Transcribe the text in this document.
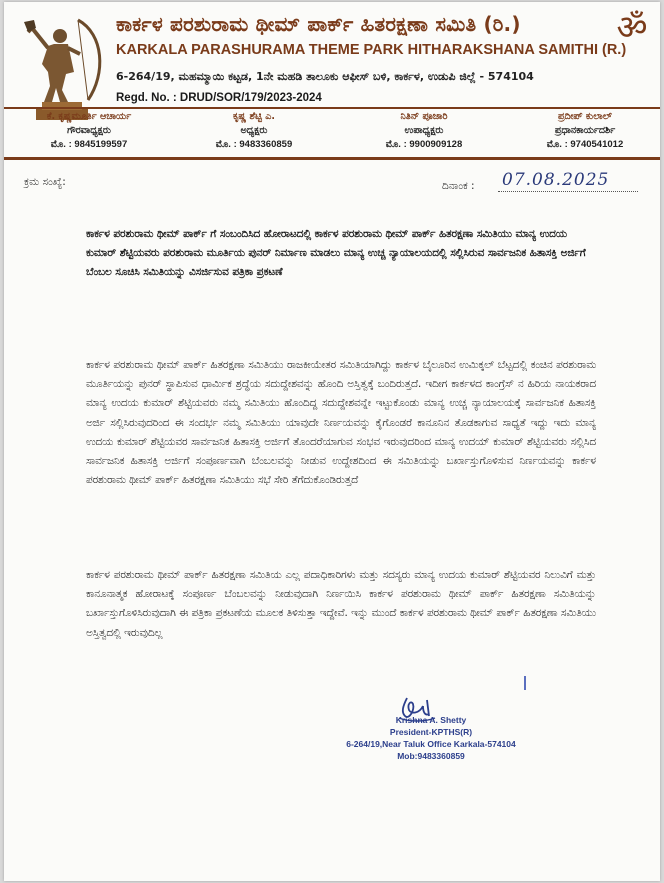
ॐ
ಕಾರ್ಕಳ ಪರಶುರಾಮ ಥೀಮ್ ಪಾರ್ಕ್ ಹಿತರಕ್ಷಣಾ ಸಮಿತಿ (ರಿ.)
KARKALA PARASHURAMA THEME PARK HITHARAKSHANA SAMITHI (R.)
6-264/19, ಮಹಮ್ಮಾಯಿ ಕಟ್ಟಡ, 1ನೇ ಮಹಡಿ ತಾಲೂಕು ಆಫೀಸ್ ಬಳಿ, ಕಾರ್ಕಳ, ಉಡುಪಿ ಜಿಲ್ಲೆ - 574104
Regd. No. : DRUD/SOR/179/2023-2024
ಕೆ. ಕೃಷ್ಣಮೂರ್ತಿ ಆಚಾರ್ಯ
ಗೌರವಾಧ್ಯಕ್ಷರು
ಮೊ. : 9845199597
ಕೃಷ್ಣ ಶೆಟ್ಟಿ ಎ.
ಅಧ್ಯಕ್ಷರು
ಮೊ. : 9483360859
ನಿತಿನ್ ಪೂಜಾರಿ
ಉಪಾಧ್ಯಕ್ಷರು
ಮೊ. : 9900909128
ಪ್ರದೀಪ್ ಕುಲಾಲ್
ಪ್ರಧಾನಕಾರ್ಯದರ್ಶಿ
ಮೊ. : 9740541012
ಕ್ರಮ ಸಂಖ್ಯೆ:	ದಿನಾಂಕ : 07.08.2025
ಕಾರ್ಕಳ ಪರಶುರಾಮ ಥೀಮ್ ಪಾರ್ಕ್ ಗೆ ಸಂಬಂದಿಸಿದ ಹೋರಾಟದಲ್ಲಿ ಕಾರ್ಕಳ ಪರಶುರಾಮ ಥೀಮ್ ಪಾರ್ಕ್ ಹಿತರಕ್ಷಣಾ ಸಮಿತಿಯು ಮಾನ್ಯ ಉದಯ ಕುಮಾರ್ ಶೆಟ್ಟಿಯವರು ಪರಶುರಾಮ ಮೂರ್ತಿಯ ಪುನರ್ ನಿರ್ಮಾಣ ಮಾಡಲು ಮಾನ್ಯ ಉಚ್ಚ ನ್ಯಾಯಾಲಯದಲ್ಲಿ ಸಲ್ಲಿಸಿರುವ ಸಾರ್ವಜನಿಕ ಹಿತಾಸಕ್ತಿ ಅರ್ಜಿಗೆ ಬೆಂಬಲ ಸೂಚಿಸಿ ಸಮಿತಿಯನ್ನು ವಿಸರ್ಜಿಸುವ ಪತ್ರಿಕಾ ಪ್ರಕಟಣೆ
ಕಾರ್ಕಳ ಪರಶುರಾಮ ಥೀಮ್ ಪಾರ್ಕ್ ಹಿತರಕ್ಷಣಾ ಸಮಿತಿಯು ರಾಜಕೀಯೇತರ ಸಮಿತಿಯಾಗಿದ್ದು ಕಾರ್ಕಳ ಬೈಲೂರಿನ ಉಮಿಕ್ಕಲ್ ಬೆಟ್ಟದಲ್ಲಿ ಕಂಚಿನ ಪರಶುರಾಮ ಮೂರ್ತಿಯನ್ನು ಪುನರ್ ಸ್ಥಾಪಿಸುವ ಧಾರ್ಮಿಕ ಶ್ರದ್ಧೆಯ ಸದುದ್ದೇಶವನ್ನು ಹೊಂದಿ ಅಸ್ತಿತ್ವಕ್ಕೆ ಬಂದಿರುತ್ತದೆ. ಇದೀಗ ಕಾರ್ಕಳದ ಕಾಂಗ್ರೆಸ್ ನ ಹಿರಿಯ ನಾಯಕರಾದ ಮಾನ್ಯ ಉದಯ ಕುಮಾರ್ ಶೆಟ್ಟಿಯವರು ನಮ್ಮ ಸಮಿತಿಯು ಹೊಂದಿದ್ದ ಸದುದ್ದೇಶವನ್ನೇ ಇಟ್ಟುಕೊಂಡು ಮಾನ್ಯ ಉಚ್ಚ ನ್ಯಾಯಾಲಯಕ್ಕೆ ಸಾರ್ವಜನಿಕ ಹಿತಾಸಕ್ತಿ ಅರ್ಜಿ ಸಲ್ಲಿಸಿರುವುದರಿಂದ ಈ ಸಂದರ್ಭ ನಮ್ಮ ಸಮಿತಿಯು ಯಾವುದೇ ನಿರ್ಣಯವನ್ನು ಕೈಗೊಂಡರೆ ಕಾನೂನಿನ ತೊಡಕಾಗುವ ಸಾಧ್ಯತೆ ಇದ್ದು ಇದು ಮಾನ್ಯ ಉದಯ ಕುಮಾರ್ ಶೆಟ್ಟಿಯವರ ಸಾರ್ವಜನಿಕ ಹಿತಾಸಕ್ತಿ ಅರ್ಜಿಗೆ ತೊಂದರೆಯಾಗುವ ಸಂಭವ ಇರುವುದರಿಂದ ಮಾನ್ಯ ಉದಯ್ ಕುಮಾರ್ ಶೆಟ್ಟಿಯವರು ಸಲ್ಲಿಸಿದ ಸಾರ್ವಜನಿಕ ಹಿತಾಸಕ್ತಿ ಅರ್ಜಿಗೆ ಸಂಪೂರ್ಣವಾಗಿ ಬೆಂಬಲವನ್ನು ನೀಡುವ ಉದ್ದೇಶದಿಂದ ಈ ಸಮಿತಿಯನ್ನು ಬರ್ಖಾಸ್ತುಗೊಳಿಸುವ ನಿರ್ಣಯವನ್ನು ಕಾರ್ಕಳ ಪರಶುರಾಮ ಥೀಮ್ ಪಾರ್ಕ್ ಹಿತರಕ್ಷಣಾ ಸಮಿತಿಯು ಸಭೆ ಸೇರಿ ತೆಗೆದುಕೊಂಡಿರುತ್ತದೆ
ಕಾರ್ಕಳ ಪರಶುರಾಮ ಥೀಮ್ ಪಾರ್ಕ್ ಹಿತರಕ್ಷಣಾ ಸಮಿತಿಯ ಎಲ್ಲ ಪದಾಧಿಕಾರಿಗಳು ಮತ್ತು ಸದಸ್ಯರು ಮಾನ್ಯ ಉದಯ ಕುಮಾರ್ ಶೆಟ್ಟಿಯವರ ನಿಲುವಿಗೆ ಮತ್ತು ಕಾನೂನಾತ್ಮಕ ಹೋರಾಟಕ್ಕೆ ಸಂಪೂರ್ಣ ಬೆಂಬಲವನ್ನು ನೀಡುವುದಾಗಿ ನಿರ್ಣಯಿಸಿ ಕಾರ್ಕಳ ಪರಶುರಾಮ ಥೀಮ್ ಪಾರ್ಕ್ ಹಿತರಕ್ಷಣಾ ಸಮಿತಿಯನ್ನು ಬರ್ಖಾಸ್ತುಗೊಳಿಸಿರುವುದಾಗಿ ಈ ಪತ್ರಿಕಾ ಪ್ರಕಟಣೆಯ ಮೂಲಕ ತಿಳಿಸುತ್ತಾ ಇದ್ದೇವೆ. ಇನ್ನು ಮುಂದೆ ಕಾರ್ಕಳ ಪರಶುರಾಮ ಥೀಮ್ ಪಾರ್ಕ್ ಹಿತರಕ್ಷಣಾ ಸಮಿತಿಯು ಅಸ್ತಿತ್ವದಲ್ಲಿ ಇರುವುದಿಲ್ಲ
Krishna A. Shetty
President-KPTHS(R)
6-264/19,Near Taluk Office Karkala-574104
Mob:9483360859
